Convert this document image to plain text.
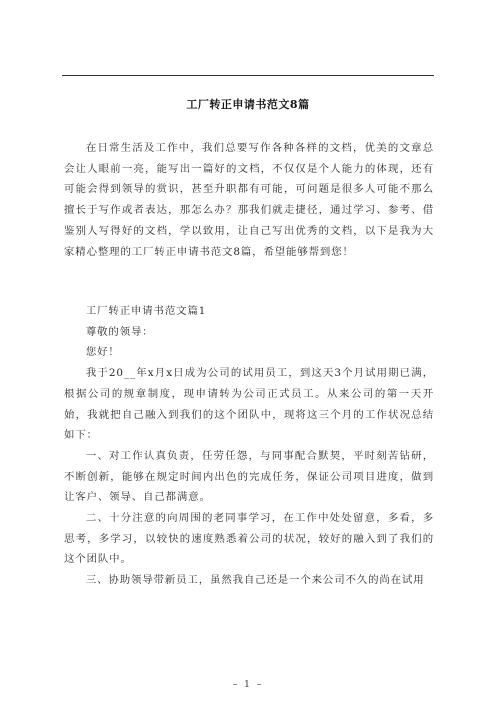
工厂转正申请书范文8篇

在日常生活及工作中，我们总要写作各种各样的文档，优美的文章总会让人眼前一亮，能写出一篇好的文档，不仅仅是个人能力的体现，还有可能会得到领导的赏识，甚至升职都有可能，可问题是很多人可能不那么擅长于写作或者表达，那怎么办？那我们就走捷径，通过学习、参考、借鉴别人写得好的文档，学以致用，让自己写出优秀的文档，以下是我为大家精心整理的工厂转正申请书范文8篇，希望能够帮到您！

工厂转正申请书范文篇1

尊敬的领导：

您好！

我于20__年x月x日成为公司的试用员工，到这天3个月试用期已满，根据公司的规章制度，现申请转为公司正式员工。从来公司的第一天开始，我就把自己融入到我们的这个团队中，现将这三个月的工作状况总结如下：

一、对工作认真负责，任劳任怨，与同事配合默契，平时刻苦钻研，不断创新，能够在规定时间内出色的完成任务，保证公司项目进度，做到让客户、领导、自己都满意。

二、十分注意的向周围的老同事学习，在工作中处处留意，多看，多思考，多学习，以较快的速度熟悉着公司的状况，较好的融入到了我们的这个团队中。

三、协助领导带新员工，虽然我自己还是一个来公司不久的尚在试用

– 1 –
